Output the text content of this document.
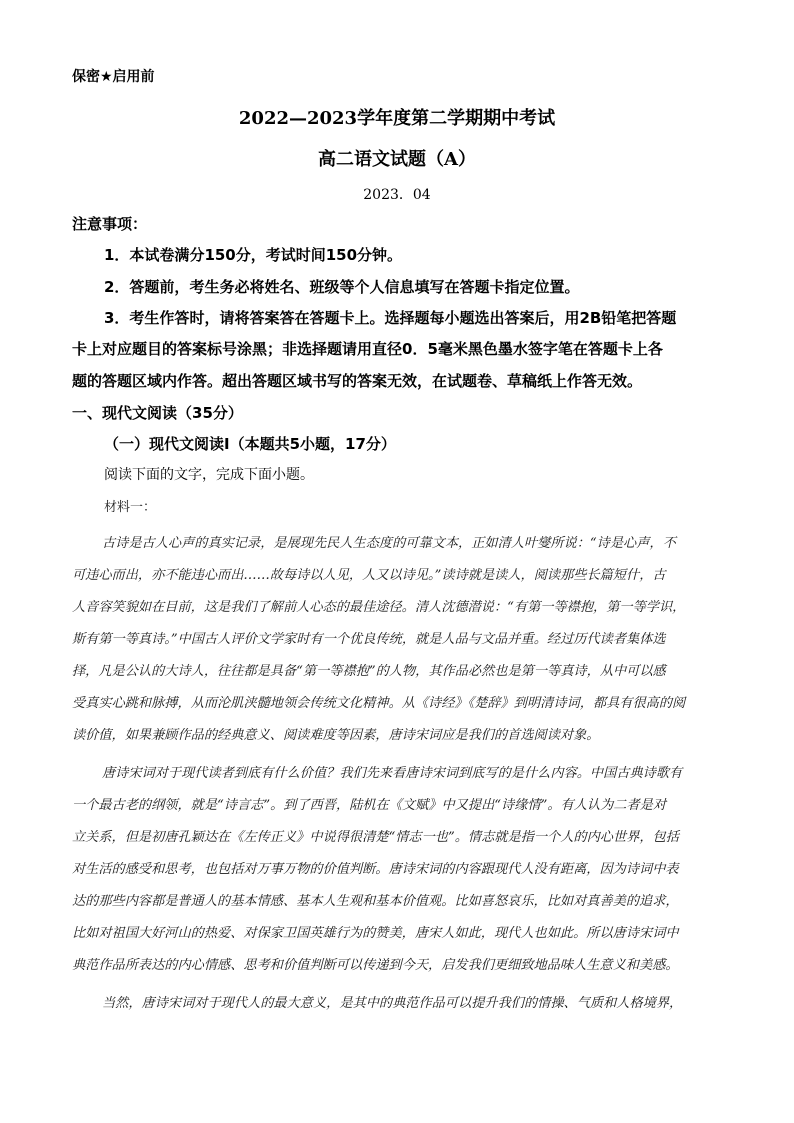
保密★启用前
2022—2023学年度第二学期期中考试
高二语文试题（A）
2023．04
注意事项：
1．本试卷满分150分，考试时间150分钟。
2．答题前，考生务必将姓名、班级等个人信息填写在答题卡指定位置。
3．考生作答时，请将答案答在答题卡上。选择题每小题选出答案后，用2B铅笔把答题
卡上对应题目的答案标号涂黑；非选择题请用直径0．5毫米黑色墨水签字笔在答题卡上各
题的答题区域内作答。超出答题区域书写的答案无效，在试题卷、草稿纸上作答无效。
一、现代文阅读（35分）
（一）现代文阅读Ⅰ（本题共5小题，17分）
阅读下面的文字，完成下面小题。
材料一：
古诗是古人心声的真实记录，是展现先民人生态度的可靠文本，正如清人叶燮所说：“诗是心声，不
可违心而出，亦不能违心而出……故每诗以人见，人又以诗见。”读诗就是读人，阅读那些长篇短什，古
人音容笑貌如在目前，这是我们了解前人心态的最佳途径。清人沈德潜说：“有第一等襟抱，第一等学识，
斯有第一等真诗。”中国古人评价文学家时有一个优良传统，就是人品与文品并重。经过历代读者集体选
择，凡是公认的大诗人，往往都是具备“第一等襟抱”的人物，其作品必然也是第一等真诗，从中可以感
受真实心跳和脉搏，从而沦肌浃髓地领会传统文化精神。从《诗经》《楚辞》到明清诗词，都具有很高的阅
读价值，如果兼顾作品的经典意义、阅读难度等因素，唐诗宋词应是我们的首选阅读对象。
唐诗宋词对于现代读者到底有什么价值？我们先来看唐诗宋词到底写的是什么内容。中国古典诗歌有
一个最古老的纲领，就是“诗言志”。到了西晋，陆机在《文赋》中又提出“诗缘情”。有人认为二者是对
立关系，但是初唐孔颖达在《左传正义》中说得很清楚“情志一也”。情志就是指一个人的内心世界，包括
对生活的感受和思考，也包括对万事万物的价值判断。唐诗宋词的内容跟现代人没有距离，因为诗词中表
达的那些内容都是普通人的基本情感、基本人生观和基本价值观。比如喜怒哀乐，比如对真善美的追求，
比如对祖国大好河山的热爱、对保家卫国英雄行为的赞美，唐宋人如此，现代人也如此。所以唐诗宋词中
典范作品所表达的内心情感、思考和价值判断可以传递到今天，启发我们更细致地品味人生意义和美感。
当然，唐诗宋词对于现代人的最大意义，是其中的典范作品可以提升我们的情操、气质和人格境界，
